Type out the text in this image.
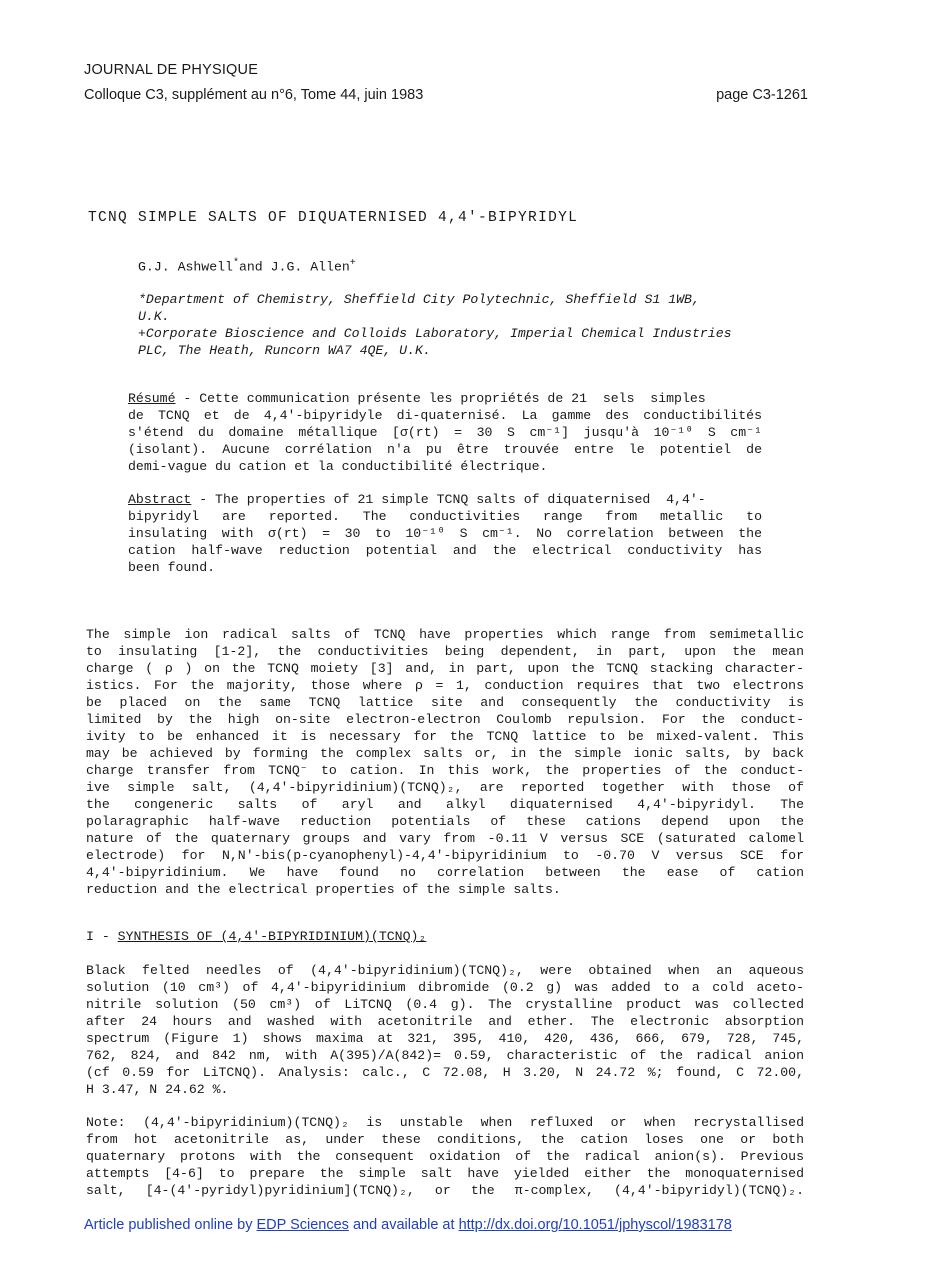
JOURNAL DE PHYSIQUE
Colloque C3, supplément au n°6, Tome 44, juin 1983	page C3-1261
TCNQ SIMPLE SALTS OF DIQUATERNISED 4,4'-BIPYRIDYL
G.J. Ashwell*and J.G. Allen+
*Department of Chemistry, Sheffield City Polytechnic, Sheffield S1 1WB,
U.K.
+Corporate Bioscience and Colloids Laboratory, Imperial Chemical Industries
PLC, The Heath, Runcorn WA7 4QE, U.K.
Résumé - Cette communication présente les propriétés de 21  sels  simples
de TCNQ et de 4,4'-bipyridyle di-quaternisé. La gamme des conductibilités
s'étend du domaine métallique [σ(rt) = 30 S cm⁻¹] jusqu'à 10⁻¹⁰ S cm⁻¹
(isolant). Aucune corrélation n'a pu être trouvée entre le potentiel de
demi-vague du cation et la conductibilité électrique.
Abstract - The properties of 21 simple TCNQ salts of diquaternised  4,4'-
bipyridyl are reported. The conductivities range from metallic to
insulating with σ(rt) = 30 to 10⁻¹⁰ S cm⁻¹. No correlation between the
cation half-wave reduction potential and the electrical conductivity has
been found.
The simple ion radical salts of TCNQ have properties which range from semimetallic
to insulating [1-2], the conductivities being dependent, in part, upon the mean
charge ( ρ ) on the TCNQ moiety [3] and, in part, upon the TCNQ stacking character-
istics. For the majority, those where ρ = 1, conduction requires that two electrons
be placed on the same TCNQ lattice site and consequently the conductivity is
limited by the high on-site electron-electron Coulomb repulsion. For the conduct-
ivity to be enhanced it is necessary for the TCNQ lattice to be mixed-valent. This
may be achieved by forming the complex salts or, in the simple ionic salts, by back
charge transfer from TCNQ⁻ to cation. In this work, the properties of the conduct-
ive simple salt, (4,4'-bipyridinium)(TCNQ)₂, are reported together with those of
the congeneric salts of aryl and alkyl diquaternised 4,4'-bipyridyl. The
polaragraphic half-wave reduction potentials of these cations depend upon the
nature of the quaternary groups and vary from -0.11 V versus SCE (saturated calomel
electrode) for N,N'-bis(p-cyanophenyl)-4,4'-bipyridinium to -0.70 V versus SCE for
4,4'-bipyridinium. We have found no correlation between the ease of cation
reduction and the electrical properties of the simple salts.
I - SYNTHESIS OF (4,4'-BIPYRIDINIUM)(TCNQ)₂
Black felted needles of (4,4'-bipyridinium)(TCNQ)₂, were obtained when an aqueous
solution (10 cm³) of 4,4'-bipyridinium dibromide (0.2 g) was added to a cold aceto-
nitrile solution (50 cm³) of LiTCNQ (0.4 g). The crystalline product was collected
after 24 hours and washed with acetonitrile and ether. The electronic absorption
spectrum (Figure 1) shows maxima at 321, 395, 410, 420, 436, 666, 679, 728, 745,
762, 824, and 842 nm, with A(395)/A(842)= 0.59, characteristic of the radical anion
(cf 0.59 for LiTCNQ). Analysis: calc., C 72.08, H 3.20, N 24.72 %; found, C 72.00,
H 3.47, N 24.62 %.
Note: (4,4'-bipyridinium)(TCNQ)₂ is unstable when refluxed or when recrystallised
from hot acetonitrile as, under these conditions, the cation loses one or both
quaternary protons with the consequent oxidation of the radical anion(s). Previous
attempts [4-6] to prepare the simple salt have yielded either the monoquaternised
salt, [4-(4'-pyridyl)pyridinium](TCNQ)₂, or the π-complex, (4,4'-bipyridyl)(TCNQ)₂.
Article published online by EDP Sciences and available at http://dx.doi.org/10.1051/jphyscol/1983178
